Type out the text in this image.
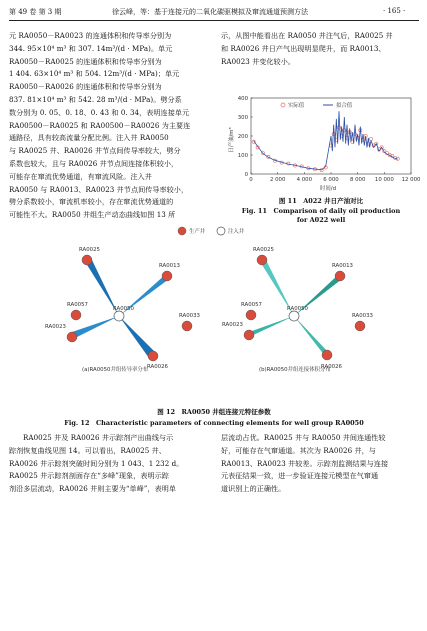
第 49 卷 第 3 期	徐云峰，等：基于连接元的二氧化碳驱模拟及窜流通道预测方法	· 165 ·

元 RA0050－RA0023 的连通体积和传导率分别为

344. 95×10⁴ m³ 和 307. 14m³/(d · MPa)。单元

RA0050－RA0025 的连通体积和传导率分别为

1 404. 63×10⁴ m³ 和 504. 12m³/(d · MPa)；单元

RA0050－RA0026 的连通体积和传导率分别为

837. 81×10⁴ m³ 和 542. 28 m³/(d · MPa)。劈分系

数分别为 0. 05、0. 18、0. 43 和 0. 34，表明连接单元

RA00500－RA0025 和 RA00500－RA0026 为主要连

通路径，具有较高流量分配比例。注入井 RA0050

与 RA0025 井、RA0026 井节点间传导率较大，劈分

系数也较大，且与 RA0026 井节点间连接体积较小，

可能存在窜流优势通道，有窜流风险。注入井

RA0050 与 RA0013、RA0023 井节点间传导率较小，

劈分系数较小，窜流机率较小，存在窜流优势通道的

可能性不大。RA0050 井组生产动态曲线如图 13 所

示，从图中能看出在 RA0050 井注气后，RA0025 井

和 RA0026 井日产气出现明显爬升，而 RA0013、

RA0023 井变化较小。

0	2 000 4 000 6 000 8 000 10 000 12 000
0
100
200
300
400
实际值	拟合值
日产油/m³
时间/d
图 11　A022 井日产油对比
Fig. 11　Comparison of daily oil production
for A022 well
生产井	注入井
RA0025
RA0013
RA0057
RA0050
RA0023
RA0033
RA0026
(a)RA0050井组传导率分布
RA0025
RA0013
RA0057
RA0050
RA0023
RA0033
RA0026
(b)RA0050井组连接体积分布
图 12　RA0050 井组连接元特征参数
Fig. 12　Characteristic parameters of connecting elements for well group RA0050

RA0025 井及 RA0026 井示踪剂产出曲线与示

踪剂恢复曲线见图 14。可以看出，RA0025 井、

RA0026 井示踪剂突破时间分别为 1 043、1 232 d。

RA0025 井示踪剂剖面存在“多峰”现象，表明示踪

剂沿多层流动，RA0026 井则主要为“单峰”，表明单

层流动占优。RA0025 井与 RA0050 井间连通性较

好，可能存在气窜通道。其次为 RA0026 井，与

RA0013、RA0023 井较差。示踪剂监测结果与连接

元表征结果一致，进一步验证连接元模型在气窜通

道识别上的正确性。
